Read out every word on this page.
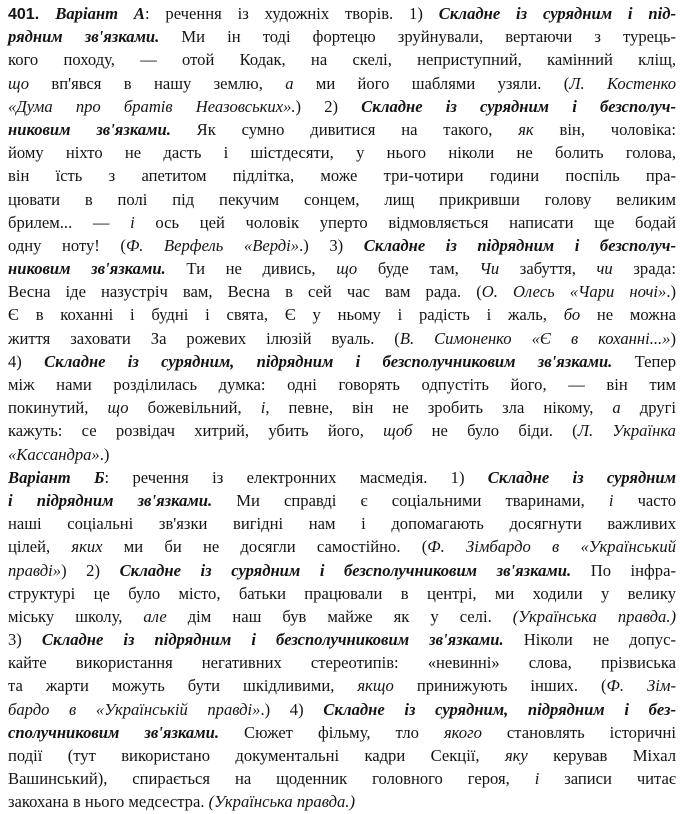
401. Варіант А: речення із художніх творів. 1) Складне із сурядним і під-
рядним зв'язками. Ми ін тоді фортецю зруйнували, вертаючи з турець-
кого походу, — отой Кодак, на скелі, неприступний, камінний кліщ,
що вп'явся в нашу землю, а ми його шаблями узяли. (Л. Костенко
«Дума про братів Неазовських».) 2) Складне із сурядним і безсполуч-
никовим зв'язками. Як сумно дивитися на такого, як він, чоловіка:
йому ніхто не дасть і шістдесяти, у нього ніколи не болить голова,
він їсть з апетитом підлітка, може три-чотири години поспіль пра-
цювати в полі під пекучим сонцем, лищ прикривши голову великим
брилем... — і ось цей чоловік уперто відмовляється написати ще бодай
одну ноту! (Ф. Верфель «Верді».) 3) Складне із підрядним і безсполуч-
никовим зв'язками. Ти не дивись, що буде там, Чи забуття, чи зрада:
Весна іде назустріч вам, Весна в сей час вам рада. (О. Олесь «Чари ночі».)
Є в коханні і будні і свята, Є у ньому і радість і жаль, бо не можна
життя заховати За рожевих ілюзій вуаль. (В. Симоненко «Є в коханні...»)
4) Складне із сурядним, підрядним і безсполучниковим зв'язками. Тепер
між нами розділилась думка: одні говорять одпустіть його, — він тим
покинутий, що божевільний, і, певне, він не зробить зла нікому, а другі
кажуть: се розвідач хитрий, убить його, щоб не було біди. (Л. Українка
«Кассандра».)
Варіант Б: речення із електронних масмедія. 1) Складне із сурядним
і підрядним зв'язками. Ми справді є соціальними тваринами, і часто
наші соціальні зв'язки вигідні нам і допомагають досягнути важливих
цілей, яких ми би не досягли самостійно. (Ф. Зімбардо в «Український
правді») 2) Складне із сурядним і безсполучниковим зв'язками. По інфра-
структурі це було місто, батьки працювали в центрі, ми ходили у велику
міську школу, але дім наш був майже як у селі. (Українська правда.)
3) Складне із підрядним і безсполучниковим зв'язками. Ніколи не допус-
кайте використання негативних стереотипів: «невинні» слова, прізвиська
та жарти можуть бути шкідливими, якщо принижують інших. (Ф. Зім-
бардо в «Українській правді».) 4) Складне із сурядним, підрядним і без-
сполучниковим зв'язками. Сюжет фільму, тло якого становлять історичні
події (тут використано документальні кадри Секції, яку керував Міхал
Вашинський), спирається на щоденник головного героя, і записи читає
закохана в нього медсестра. (Українська правда.)
